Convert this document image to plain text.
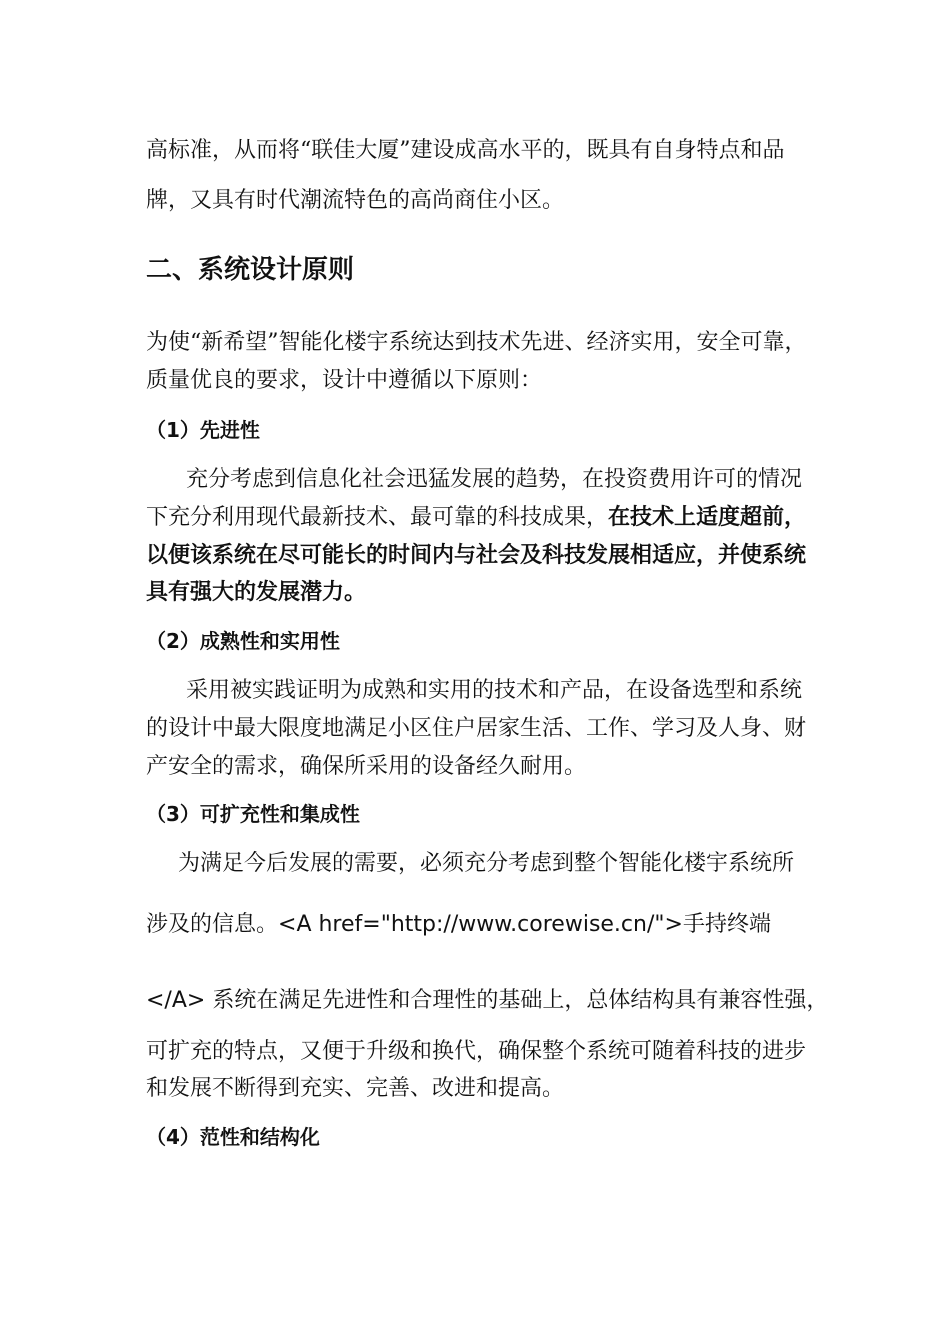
高标准，从而将“联佳大厦”建设成高水平的，既具有自身特点和品
牌，又具有时代潮流特色的高尚商住小区。
二、系统设计原则
为使“新希望”智能化楼宇系统达到技术先进、经济实用，安全可靠，
质量优良的要求，设计中遵循以下原则：
（1）先进性
充分考虑到信息化社会迅猛发展的趋势，在投资费用许可的情况
下充分利用现代最新技术、最可靠的科技成果，在技术上适度超前，
以便该系统在尽可能长的时间内与社会及科技发展相适应，并使系统
具有强大的发展潜力。
（2）成熟性和实用性
采用被实践证明为成熟和实用的技术和产品，在设备选型和系统
的设计中最大限度地满足小区住户居家生活、工作、学习及人身、财
产安全的需求，确保所采用的设备经久耐用。
（3）可扩充性和集成性
为满足今后发展的需要，必须充分考虑到整个智能化楼宇系统所
涉及的信息。<A href="http://www.corewise.cn/">手持终端
</A> 系统在满足先进性和合理性的基础上，总体结构具有兼容性强，
可扩充的特点，又便于升级和换代，确保整个系统可随着科技的进步
和发展不断得到充实、完善、改进和提高。
（4）范性和结构化
